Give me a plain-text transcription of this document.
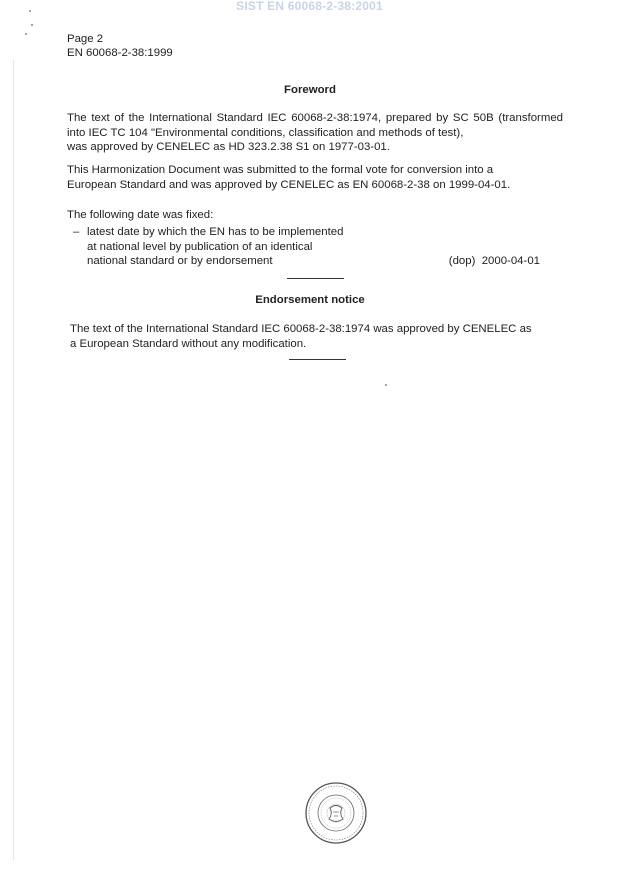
SIST EN 60068-2-38:2001
Page 2
EN 60068-2-38:1999
Foreword
The text of the International Standard IEC 60068-2-38:1974, prepared by SC 50B (transformed into IEC TC 104 "Environmental conditions, classification and methods of test),
was approved by CENELEC as HD 323.2.38 S1 on 1977-03-01.
This Harmonization Document was submitted to the formal vote for conversion into a
European Standard and was approved by CENELEC as EN 60068-2-38 on 1999-04-01.
The following date was fixed:
– latest date by which the EN has to be implemented
at national level by publication of an identical
national standard or by endorsement	(dop) 2000-04-01
Endorsement notice
The text of the International Standard IEC 60068-2-38:1974 was approved by CENELEC as
a European Standard without any modification.
